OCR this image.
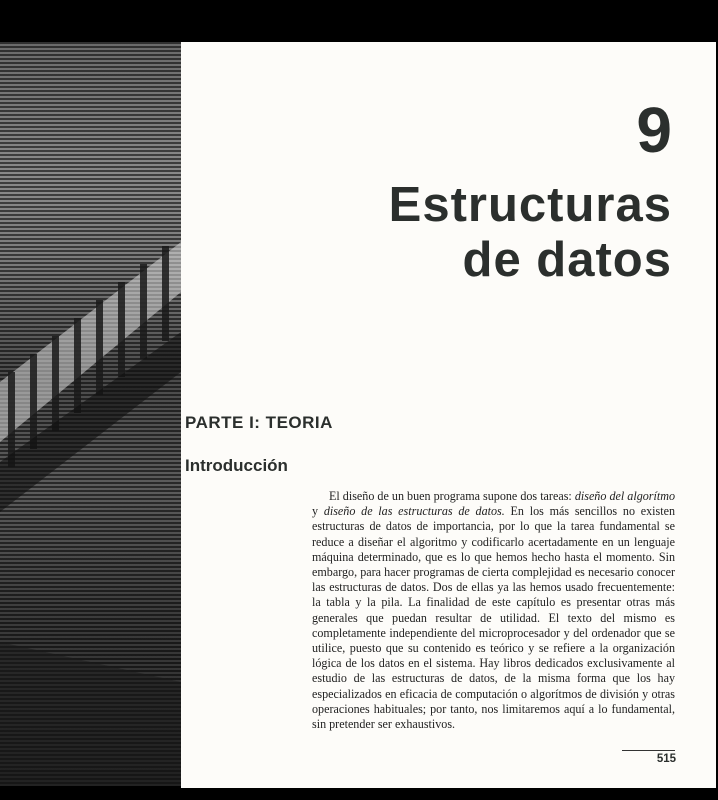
9
Estructuras
de datos
PARTE I: TEORIA
Introducción

El diseño de un buen programa supone dos tareas: diseño del algorítmo y diseño de las estructuras de datos. En los más sencillos no existen estructuras de datos de importancia, por lo que la tarea fundamental se reduce a diseñar el algoritmo y codificarlo acertadamente en un lenguaje máquina determinado, que es lo que hemos hecho hasta el momento. Sin embargo, para hacer programas de cierta complejidad es necesario conocer las estructuras de datos. Dos de ellas ya las hemos usado frecuentemente: la tabla y la pila. La finalidad de este capítulo es presentar otras más generales que puedan resultar de utilidad. El texto del mismo es completamente independiente del microprocesador y del ordenador que se utilice, puesto que su contenido es teórico y se refiere a la organización lógica de los datos en el sistema. Hay libros dedicados exclusivamente al estudio de las estructuras de datos, de la misma forma que los hay especializados en eficacia de computación o algorítmos de división y otras operaciones habituales; por tanto, nos limitaremos aquí a lo fundamental, sin pretender ser exhaustivos.

515
